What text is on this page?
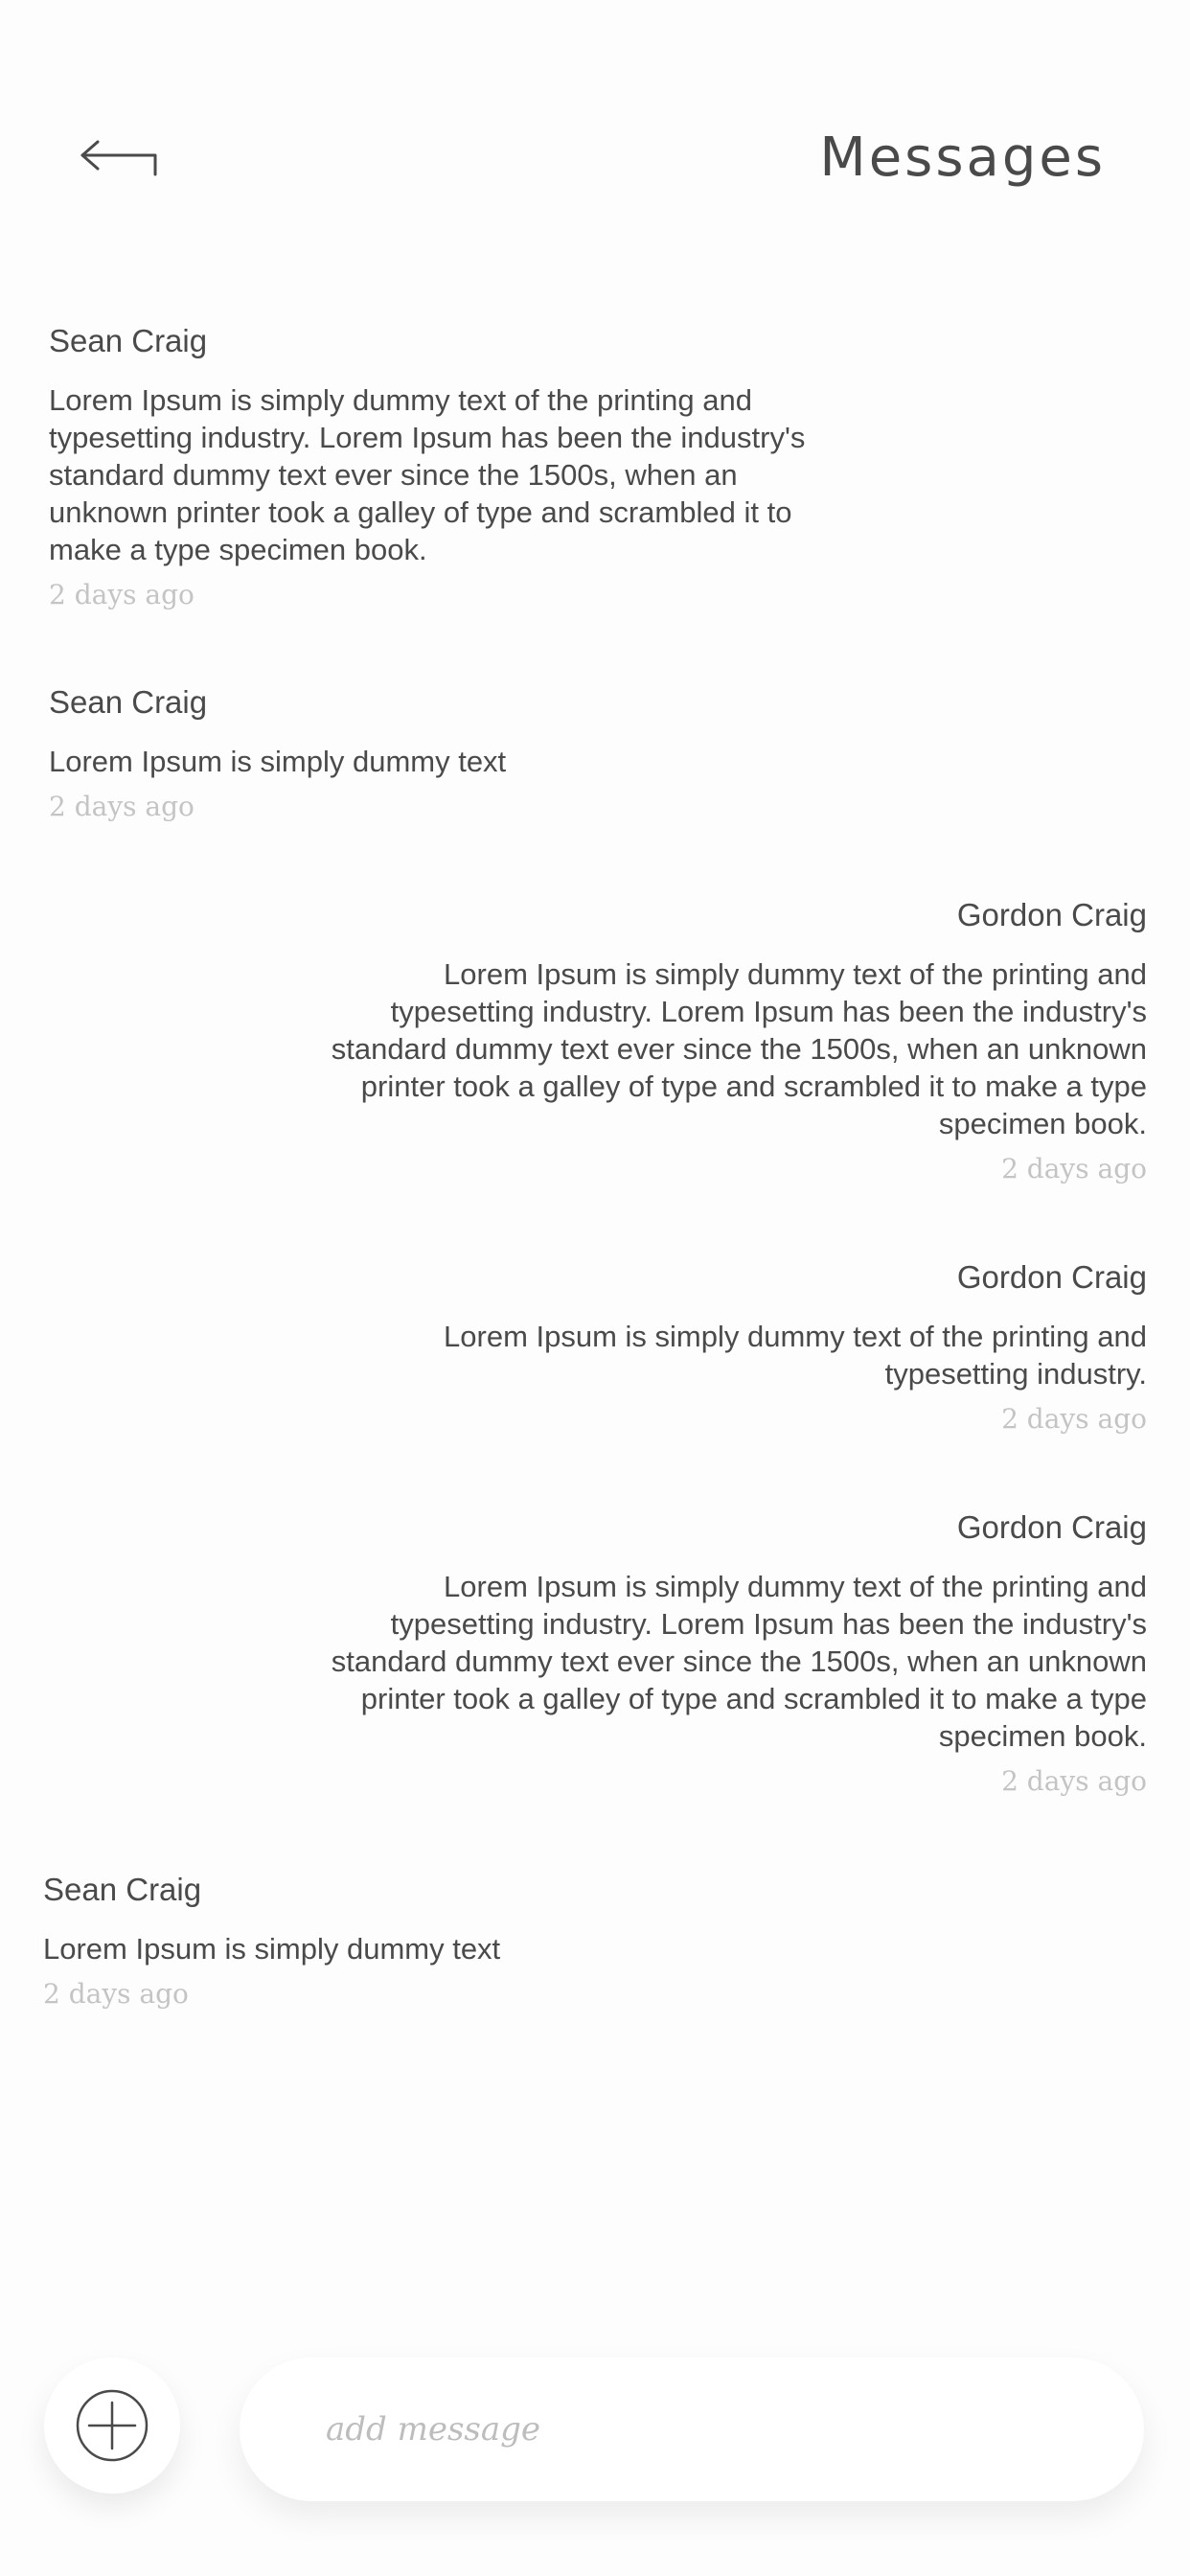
Messages
Sean Craig
Lorem Ipsum is simply dummy text of the printing and typesetting industry. Lorem Ipsum has been the industry's standard dummy text ever since the 1500s, when an unknown printer took a galley of type and scrambled it to make a type specimen book.
2 days ago
Sean Craig
Lorem Ipsum is simply dummy text
2 days ago
Gordon Craig
Lorem Ipsum is simply dummy text of the printing and typesetting industry. Lorem Ipsum has been the industry's standard dummy text ever since the 1500s, when an unknown printer took a galley of type and scrambled it to make a type specimen book.
2 days ago
Gordon Craig
Lorem Ipsum is simply dummy text of the printing and typesetting industry.
2 days ago
Gordon Craig
Lorem Ipsum is simply dummy text of the printing and typesetting industry. Lorem Ipsum has been the industry's standard dummy text ever since the 1500s, when an unknown printer took a galley of type and scrambled it to make a type specimen book.
2 days ago
Sean Craig
Lorem Ipsum is simply dummy text
2 days ago
add message
